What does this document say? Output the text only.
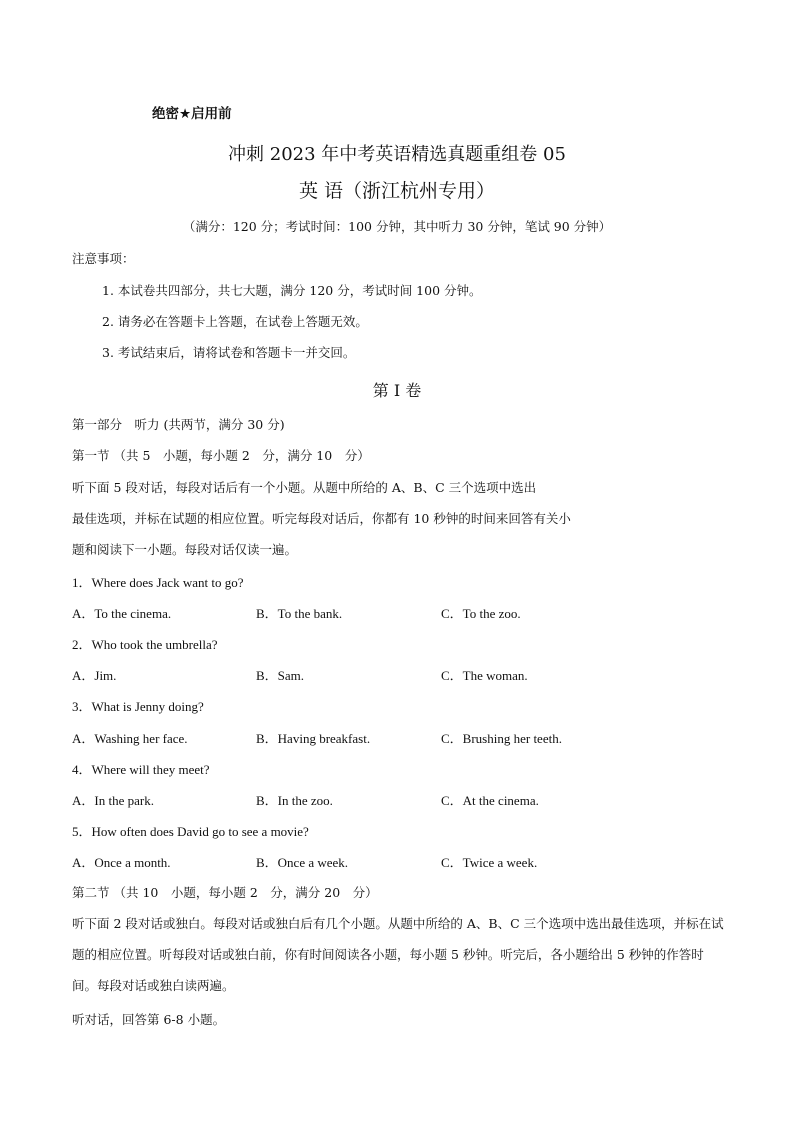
绝密★启用前
冲刺 2023 年中考英语精选真题重组卷 05
英 语（浙江杭州专用）
（满分：120 分；考试时间：100 分钟，其中听力 30 分钟，笔试 90 分钟）
注意事项：
1. 本试卷共四部分，共七大题，满分 120 分，考试时间 100 分钟。
2. 请务必在答题卡上答题，在试卷上答题无效。
3. 考试结束后，请将试卷和答题卡一并交回。
第 I 卷
第一部分　听力 (共两节，满分 30 分)
第一节 （共 5　小题，每小题 2　分，满分 10　分）
听下面 5 段对话，每段对话后有一个小题。从题中所给的 A、B、C 三个选项中选出
最佳选项，并标在试题的相应位置。听完每段对话后，你都有 10 秒钟的时间来回答有关小
题和阅读下一小题。每段对话仅读一遍。
1．Where does Jack want to go?
A．To the cinema.	B．To the bank.	C．To the zoo.
2．Who took the umbrella?
A．Jim.	B．Sam.	C．The woman.
3．What is Jenny doing?
A．Washing her face.	B．Having breakfast.	C．Brushing her teeth.
4．Where will they meet?
A．In the park.	B．In the zoo.	C．At the cinema.
5．How often does David go to see a movie?
A．Once a month.	B．Once a week.	C．Twice a week.
第二节 （共 10　小题，每小题 2　分，满分 20　分）
听下面 2 段对话或独白。每段对话或独白后有几个小题。从题中所给的 A、B、C 三个选项中选出最佳选项，并标在试题的相应位置。听每段对话或独白前，你有时间阅读各小题，每小题 5 秒钟。听完后，各小题给出 5 秒钟的作答时间。每段对话或独白读两遍。
听对话，回答第 6-8 小题。
